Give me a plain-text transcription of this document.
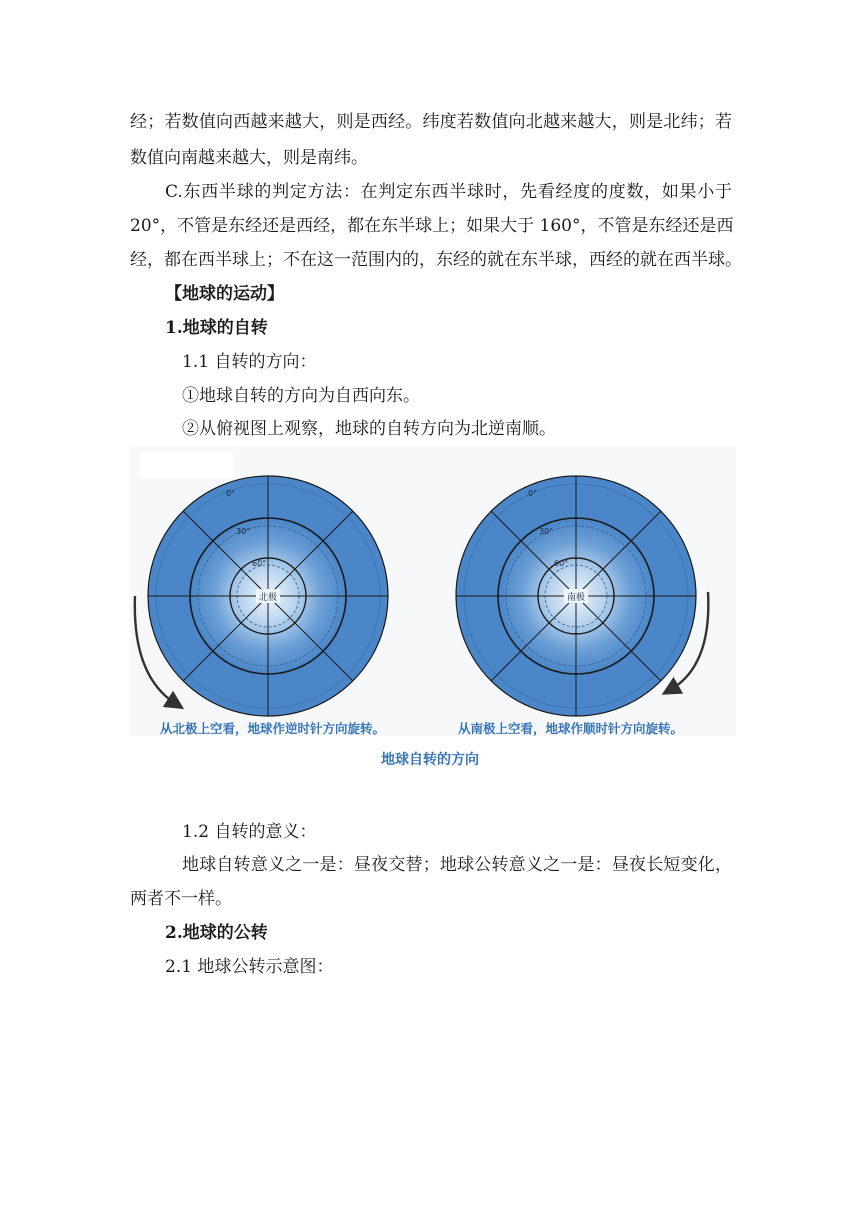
经；若数值向西越来越大，则是西经。纬度若数值向北越来越大，则是北纬；若

数值向南越来越大，则是南纬。

C.东西半球的判定方法：在判定东西半球时，先看经度的度数，如果小于

20°，不管是东经还是西经，都在东半球上；如果大于 160°，不管是东经还是西

经，都在西半球上；不在这一范围内的，东经的就在东半球，西经的就在西半球。

【地球的运动】

1.地球的自转

1.1 自转的方向：

①地球自转的方向为自西向东。

②从俯视图上观察，地球的自转方向为北逆南顺。

北极
0°
30°
60°
南极
0°
30°
60°
从北极上空看，地球作逆时针方向旋转。	从南极上空看，地球作顺时针方向旋转。
地球自转的方向

1.2 自转的意义：

地球自转意义之一是：昼夜交替；地球公转意义之一是：昼夜长短变化，

两者不一样。

2.地球的公转

2.1 地球公转示意图：
